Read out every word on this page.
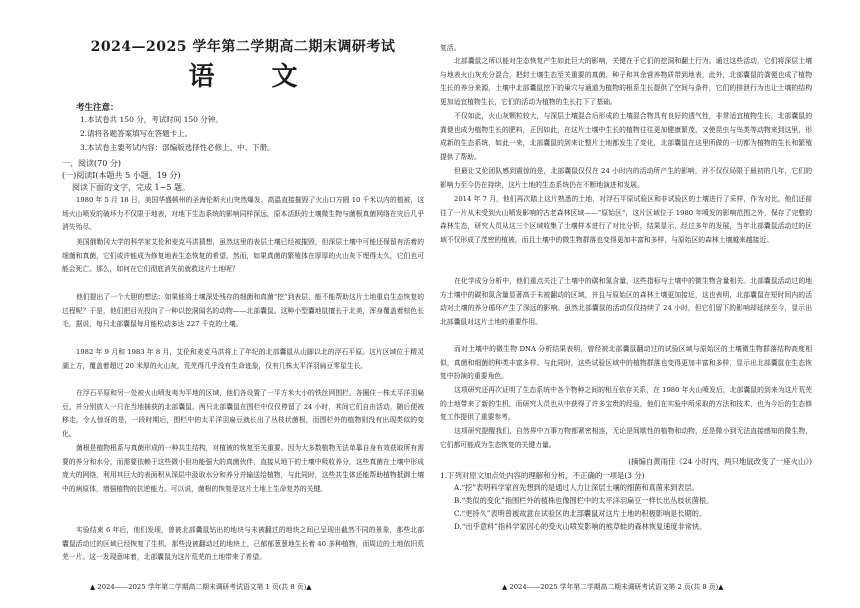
2024—2025 学年第二学期高二期末调研考试
语 文
考生注意：
1.本试卷共 150 分，考试时间 150 分钟。
2.请将各题答案填写在答题卡上。
3.本试卷主要考试内容：部编版选择性必修上、中、下册。
一、阅读(70 分)
(一)阅读Ⅰ(本题共 5 小题，19 分)
阅读下面的文字，完成 1~5 题。

1980 年 5 月 18 日，美国华盛顿州的圣海伦斯火山突然爆发。高温直接摧毁了火山口方圆 10 千米以内的植被，这场火山喷发的破坏力不仅限于地表，对地下生态系统的影响同样深远，原本活跃的土壤微生物与菌根真菌网络在灾后几乎消失殆尽。

美国俄勒冈大学的科学家艾伦和麦克马洪猜想，虽然这里的表层土壤已经被摧毁，但深层土壤中可能还保留有活着的细菌和真菌，它们或许能成为修复地表生态恢复的希望。然而，如果真菌的繁殖体在厚厚的火山灰下埋得太久，它们也可能会死亡。那么，如何在它们彻底消失前就救这片土地呢？

他们提出了一个大胆的想法：如果能将土壤深处残存的细菌和真菌“挖”到表层，能不能帮助这片土地重启生态恢复的过程呢？于是，他们把目光投向了一种以挖洞闻名的动物——北部囊鼠。这种小型囊地鼠擅长于北美，浑身覆盖着棕色长毛，据说，每只北部囊鼠每月能松动多达 227 千克的土壤。

1982 年 9 月和 1983 年 8 月，艾伦和麦克马洪将上了年纪的北部囊鼠从山脚以北的浮石平原。这片区域位于精灵湖上方，覆盖着超过 20 米厚的火山灰，荒芜得几乎没有生命迹象，仅有几株太平洋羽扁豆零星生长。

在浮石平原和另一处被火山喷发夷为平地的区域，他们各设置了一平方米大小的铁丝网围栏，各圈住一株太平洋羽扁豆，并分别放入一只在当地捕获的北部囊鼠。两只北部囊鼠在围栏中仅仅停留了 24 小时，其间它们自由活动，随后便被移走，令人惊讶的是，一段时期后，围栏中的太平洋羽扁豆就长出了丛枝状菌根，而围栏外的植物则没有出现类似的变化。

菌根是植物根系与真菌形成的一种共生结构，对植被的恢复至关重要。因为大多数植物无法单靠自身有效获取所有需要的养分和水分，而需要依赖于这些微小但功能强大的真菌伙伴，直接从地下的土壤中吸收养分，这些真菌在土壤中形成庞大的网络，利用其巨大的表面积从深层中汲取水分和养分并输送给植物，与此同时，这些共生体还能帮助植物抵御土壤中的病原体，增强植物的抗逆能力。可以说，菌根的恢复是这片土地上生命复苏的关键。

实验结束 6 年后，他们发现，曾被北部囊鼠钻出的地块与未被翻过的地块之间已呈现出截然不同的景象，那些北部囊鼠活动过的区域已经恢复了生机，那些没被翻动过的地块上，已郁郁葱葱地生长着 40 多种植物，而周边的土地依旧荒芜一片。这一发现意味着，北部囊鼠为这片荒芜的土地带来了希望。

▲ 2024——2025 学年第二学期高二期末调研考试语文第 1 页(共 8 页)▲
复活。

北部囊鼠之所以能对生态恢复产生如此巨大的影响，关键在于它们的挖洞和翻土行为。通过这些活动，它们将深层土壤与地表火山灰充分混合，把封土壤生态至关重要的真菌、种子和其余营养物质带到地表，此外，北部囊鼠的粪便也成了植物生长的养分来源，土壤中北部囊鼠挖下的巢穴与通道为植物的根系生长提供了空间与条件，它们的排泄行为也让土壤的结构更加适宜植物生长，它们的活动为植物的生长打下了基础。

不仅如此，火山灰颗粒较大，与深层土壤混合后形成的土壤混合物具有良好的透气性，非常适宜植物生长，北部囊鼠的粪便也成为植物生长的肥料，正因如此，在这片土壤中生长的植物往往更加健康繁茂，又使昆虫与鸟类等动物来到这里，形成新的生态系统，如此一来，北部囊鼠的到来让整片土地都发生了变化，北部囊鼠在这里所做的一切都为植物的生长和繁殖提供了帮助。

但最让艾伦团队感到震惊的是，北部囊鼠仅仅在 24 小时内的活动所产生的影响，并不仅仅局限于最初的几年，它们的影响力至今仍在持续，这片土地的生态系统仍在不断地演进和发展。

2014 年 7 月，他们再次踏上这片熟悉的土地，对浮石平原试验区和非试验区的土壤进行了采样，作为对比，他们还前往了一片从未受到火山喷发影响的古老森林区域——“原始区”，这片区域位于 1980 年喷发的影响范围之外，保存了完整的森林生态，研究人员从这三个区域收集了土壤样本进行了对比分析，结果显示，经过多年的发展，当年北部囊鼠活动过的区域不仅形成了茂密的植被，而且土壤中的微生物群落也变得更加丰富和多样，与原始区的森林土壤越来越接近。

在化学成分分析中，他们重点关注了土壤中的碳和氮含量，这些指标与土壤中的微生物含量相关。北部囊鼠活动过的地方土壤中的碳和氮含量显著高于未被翻动的区域，并且与原始区的森林土壤更加接近，这也表明，北部囊鼠在短时间内的活动对土壤的养分循环产生了深远的影响。虽然北部囊鼠的活动仅仅持续了 24 小时，但它们留下的影响却延续至今，显示出北部囊鼠对这片土地的重要作用。

而对土壤中的微生物 DNA 分析结果表明，曾经被北部囊鼠翻动过的试验区域与原始区的土壤微生物群落结构高度相似，真菌和细菌的种类丰富多样。与此同时，这些试验区域中的植物群落也变得更加丰富和多样，显示出北部囊鼠在生态恢复中扮演的重要角色。

这项研究还再次证明了生态系统中各个物种之间的相互依存关系，在 1980 年火山喷发后，北部囊鼠的到来为这片荒芜的土地带来了新的生机，而研究人员也从中获得了许多宝贵的经验，他们在实验中所采取的方法和技术，也为今后的生态修复工作提供了重要参考。

这项研究提醒我们，自然界中万事万物都紧密相连，无论是间歇性的植物和动物，还是微小到无法直接感知的微生物，它们都可能成为生态恢复的关键力量。

(摘编自黄雨佳《24 小时内，两只地鼠改变了一座火山》)
1.下列对原文加点处内容的理解和分析，不正确的一项是(3 分)
A.“挖”表明科学家首先想到的是通过人力让深层土壤的细菌和真菌来到表层。
B.“类似的变化”指围栏外的植株也像围栏中的太平洋羽扁豆一样长出丛枝状菌根。
C.“更持久”表明曾被故意在试验区的北部囊鼠对这片土地的积极影响是长期的。
D.“出乎意料”指科学家因心的受火山喷发影响的熊草蛙的森林恢复速度非常快。
▲ 2024——2025 学年第二学期高二期末调研考试语文第 2 页(共 8 页)▲
